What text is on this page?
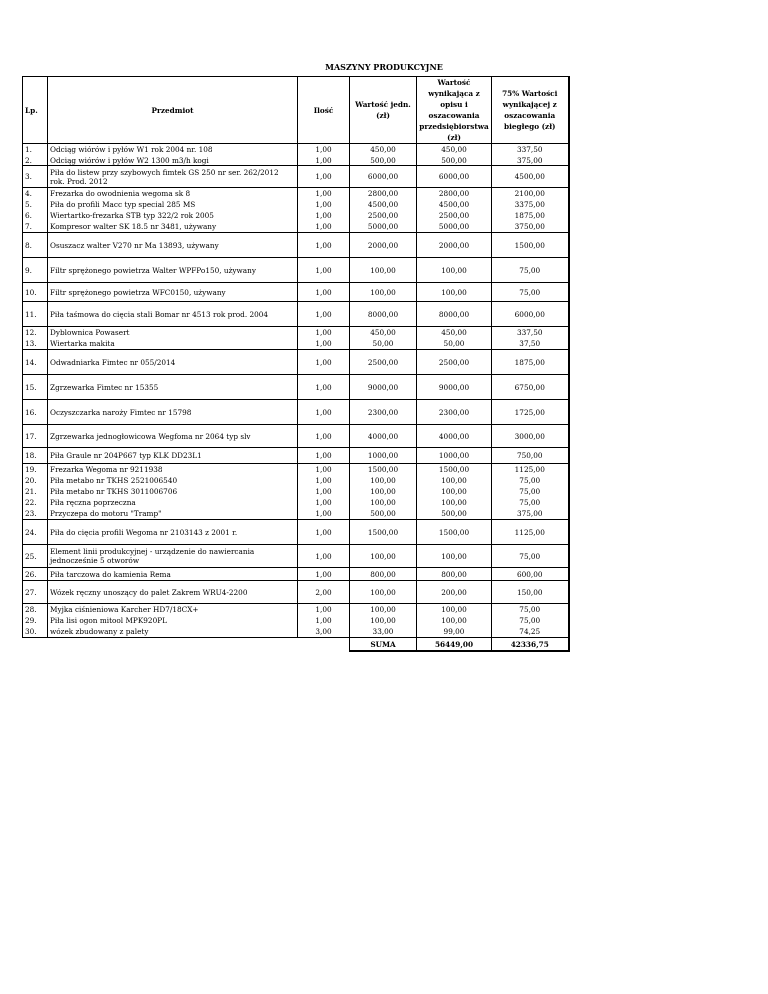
MASZYNY PRODUKCYJNE
Lp.	Przedmiot	Ilość	Wartość jedn. (zł)	Wartość wynikająca z opisu i oszacowania przedsiębiorstwa (zł)	75% Wartości wynikającej z oszacowania biegłego (zł)
1.	Odciąg wiórów i pyłów W1 rok 2004 nr. 108	1,00	450,00	450,00	337,50
2.	Odciąg wiórów i pyłów W2 1300 m3/h kogi	1,00	500,00	500,00	375,00
3.	Piła do listew przy szybowych fimtek GS 250 nr ser. 262/2012 rok. Prod. 2012	1,00	6000,00	6000,00	4500,00
4.	Frezarka do owodnienia wegoma sk 8	1,00	2800,00	2800,00	2100,00
5.	Piła do profili Macc typ special 285 MS	1,00	4500,00	4500,00	3375,00
6.	Wiertartko-frezarka STB typ 322/2 rok 2005	1,00	2500,00	2500,00	1875,00
7.	Kompresor walter SK 18.5 nr 3481, używany	1,00	5000,00	5000,00	3750,00
8.	Osuszacz walter V270 nr Ma 13893, używany	1,00	2000,00	2000,00	1500,00
9.	Filtr sprężonego powietrza Walter WPFPo150, używany	1,00	100,00	100,00	75,00
10.	Filtr sprężonego powietrza WFC0150, używany	1,00	100,00	100,00	75,00
11.	Piła taśmowa do cięcia stali Bomar nr 4513 rok prod. 2004	1,00	8000,00	8000,00	6000,00
12.	Dyblownica Powasert	1,00	450,00	450,00	337,50
13.	Wiertarka makita	1,00	50,00	50,00	37,50
14.	Odwadniarka Fimtec nr 055/2014	1,00	2500,00	2500,00	1875,00
15.	Zgrzewarka Fimtec nr 15355	1,00	9000,00	9000,00	6750,00
16.	Oczyszczarka naroży Fimtec nr 15798	1,00	2300,00	2300,00	1725,00
17.	Zgrzewarka jednogłowicowa Wegfoma nr 2064 typ slv	1,00	4000,00	4000,00	3000,00
18.	Piła Graule nr 204P667 typ KLK DD23L1	1,00	1000,00	1000,00	750,00
19.	Frezarka Wegoma nr 9211938	1,00	1500,00	1500,00	1125,00
20.	Piła metabo nr TKHS 2521006540	1,00	100,00	100,00	75,00
21.	Piła metabo nr TKHS 3011006706	1,00	100,00	100,00	75,00
22.	Piła ręczna poprzeczna	1,00	100,00	100,00	75,00
23.	Przyczepa do motoru "Tramp"	1,00	500,00	500,00	375,00
24.	Piła do cięcia profili Wegoma nr 2103143 z 2001 r.	1,00	1500,00	1500,00	1125,00
25.	Element linii produkcyjnej - urządzenie do nawiercania jednocześnie 5 otworów	1,00	100,00	100,00	75,00
26.	Piła tarczowa do kamienia Rema	1,00	800,00	800,00	600,00
27.	Wózek ręczny unoszący do palet Zakrem WRU4-2200	2,00	100,00	200,00	150,00
28.	Myjka ciśnieniowa Karcher HD7/18CX+	1,00	100,00	100,00	75,00
29.	Piła lisi ogon mitool MPK920PL	1,00	100,00	100,00	75,00
30.	wózek zbudowany z palety	3,00	33,00	99,00	74,25
			SUMA	56449,00	42336,75
